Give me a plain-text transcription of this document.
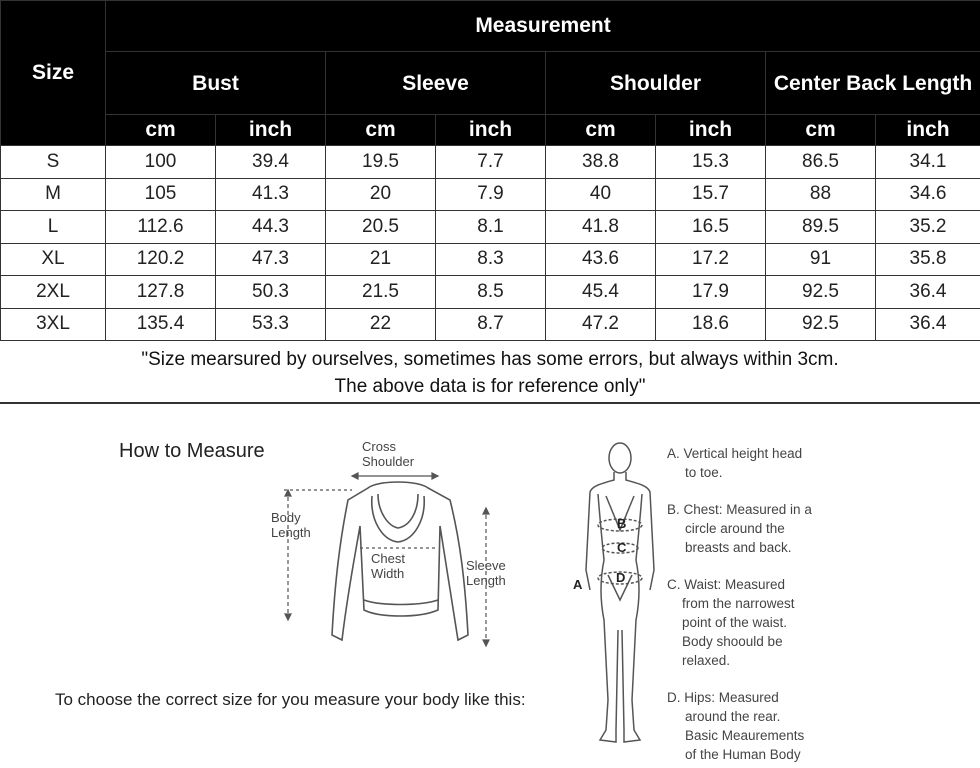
Size	Measurement							
	Bust		Sleeve		Shoulder		Center Back Length	
	cm	inch	cm	inch	cm	inch	cm	inch
S	100	39.4	19.5	7.7	38.8	15.3	86.5	34.1
M	105	41.3	20	7.9	40	15.7	88	34.6
L	112.6	44.3	20.5	8.1	41.8	16.5	89.5	35.2
XL	120.2	47.3	21	8.3	43.6	17.2	91	35.8
2XL	127.8	50.3	21.5	8.5	45.4	17.9	92.5	36.4
3XL	135.4	53.3	22	8.7	47.2	18.6	92.5	36.4
"Size mearsured by ourselves, sometimes has some errors, but always within 3cm.
The above data is for reference only"
How to Measure
To choose the correct size for you measure your body like this:
Cross
Shoulder
Body
Length
Chest
Width
Sleeve
Length
B
C
D
A
A. Vertical height head
to toe.
B. Chest: Measured in a
circle around the
breasts and back.
C. Waist: Measured
from the narrowest
point of the waist.
Body shoould be
relaxed.
D. Hips: Measured
around the rear.
Basic Meaurements
of the Human Body
